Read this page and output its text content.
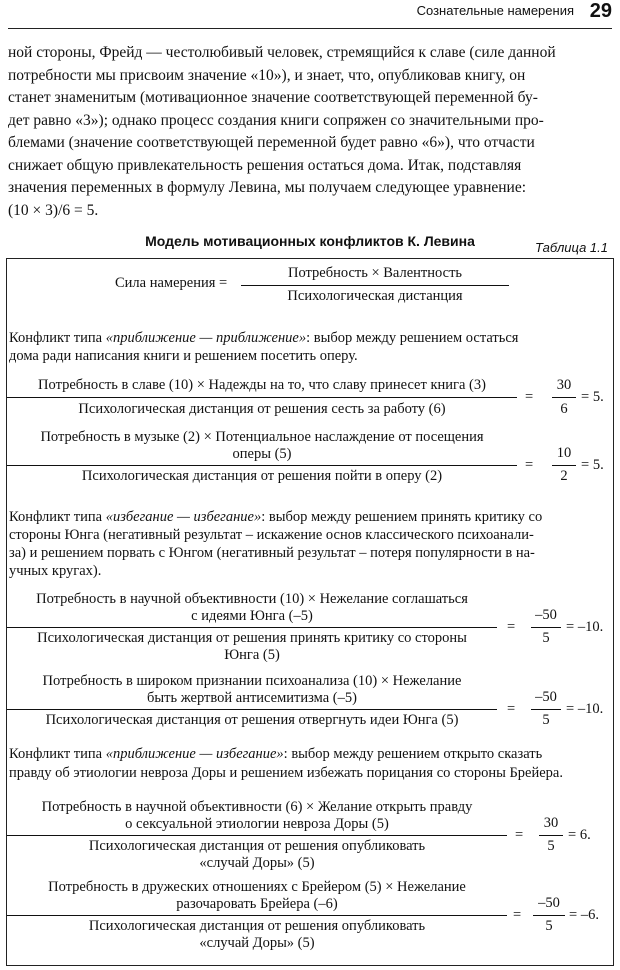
Сознательные намерения 29
ной стороны, Фрейд — честолюбивый человек, стремящийся к славе (силе данной
потребности мы присвоим значение «10»), и знает, что, опубликовав книгу, он
станет знаменитым (мотивационное значение соответствующей переменной бу-
дет равно «3»); однако процесс создания книги сопряжен со значительными про-
блемами (значение соответствующей переменной будет равно «6»), что отчасти
снижает общую привлекательность решения остаться дома. Итак, подставляя
значения переменных в формулу Левина, мы получаем следующее уравнение:
(10 × 3)/6 = 5.
Таблица 1.1
Модель мотивационных конфликтов К. Левина
Сила намерения =
Потребность × Валентность
Психологическая дистанция
Конфликт типа «приближение — приближение»: выбор между решением остаться
дома ради написания книги и решением посетить оперу.
Потребность в славе (10) × Надежды на то, что славу принесет книга (3)
Психологическая дистанция от решения сесть за работу (6)
=
30
6
= 5.
Потребность в музыке (2) × Потенциальное наслаждение от посещения
оперы (5)
Психологическая дистанция от решения пойти в оперу (2)
=
10
2
= 5.
Конфликт типа «избегание — избегание»: выбор между решением принять критику со
стороны Юнга (негативный результат – искажение основ классического психоанали-
за) и решением порвать с Юнгом (негативный результат – потеря популярности в на-
учных кругах).
Потребность в научной объективности (10) × Нежелание соглашаться
с идеями Юнга (–5)
Психологическая дистанция от решения принять критику со стороны
Юнга (5)
=
–50
5
= –10.
Потребность в широком признании психоанализа (10) × Нежелание
быть жертвой антисемитизма (–5)
Психологическая дистанция от решения отвергнуть идеи Юнга (5)
=
–50
5
= –10.
Конфликт типа «приближение — избегание»: выбор между решением открыто сказать
правду об этиологии невроза Доры и решением избежать порицания со стороны Брейера.
Потребность в научной объективности (6) × Желание открыть правду
о сексуальной этиологии невроза Доры (5)
Психологическая дистанция от решения опубликовать
«случай Доры» (5)
=
30
5
= 6.
Потребность в дружеских отношениях с Брейером (5) × Нежелание
разочаровать Брейера (–6)
Психологическая дистанция от решения опубликовать
«случай Доры» (5)
=
–50
5
= –6.
